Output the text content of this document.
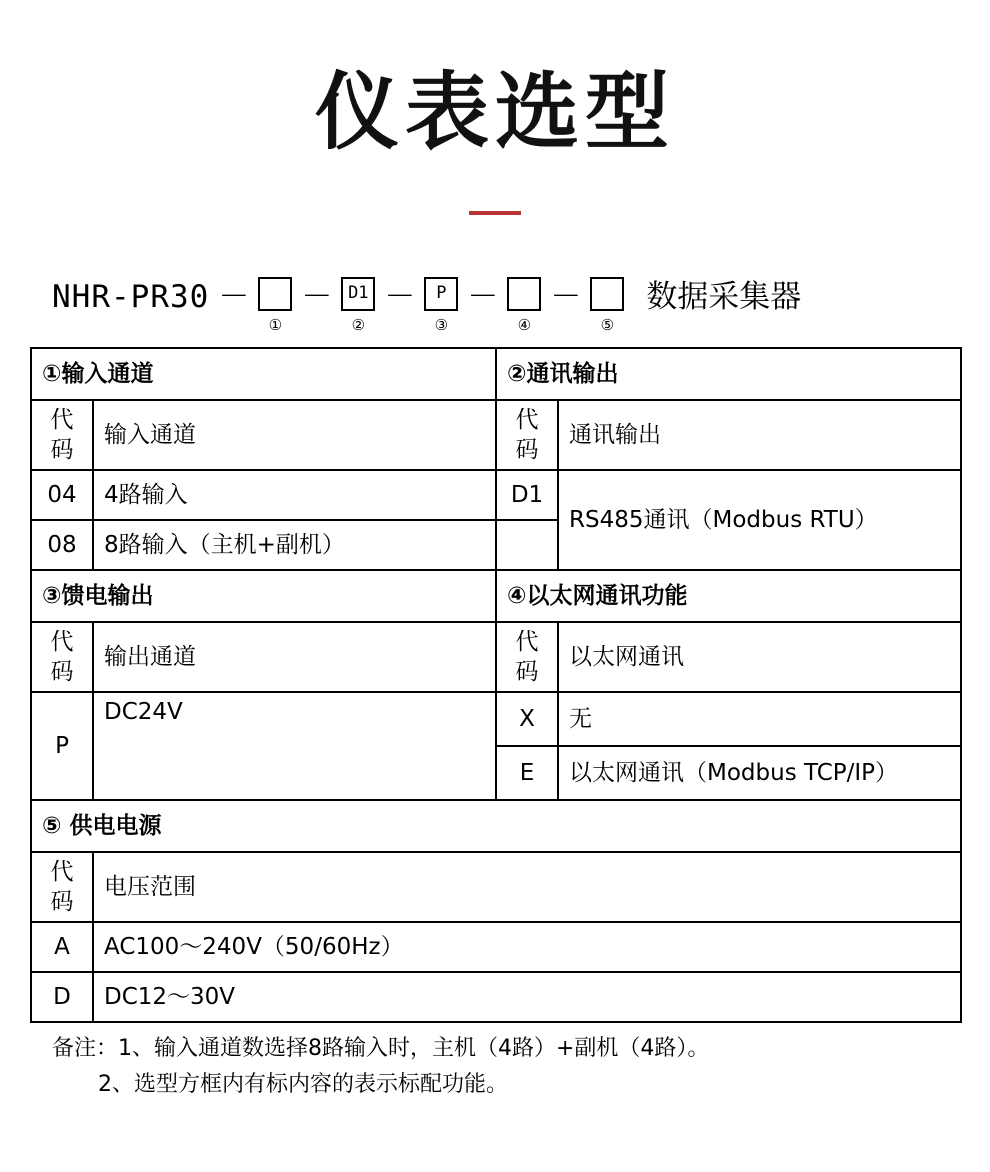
仪表选型
NHR-PR30 －
①
－ D1
②
－	P
③
－
④
－
⑤
数据采集器
①输入通道		②通讯输出	
代码	输入通道	代码	通讯输出
04	4路输入	D1	RS485通讯（Modbus RTU）
08	8路输入（主机+副机）		
③馈电输出		④以太网通讯功能	
代码	输出通道	代码	以太网通讯
P	DC24V	X	无
		E	以太网通讯（Modbus TCP/IP）
⑤ 供电电源			
代码	电压范围		
A	AC100～240V（50/60Hz）		
D	DC12～30V		
备注：1、输入通道数选择8路输入时，主机（4路）+副机（4路）。
2、选型方框内有标内容的表示标配功能。
